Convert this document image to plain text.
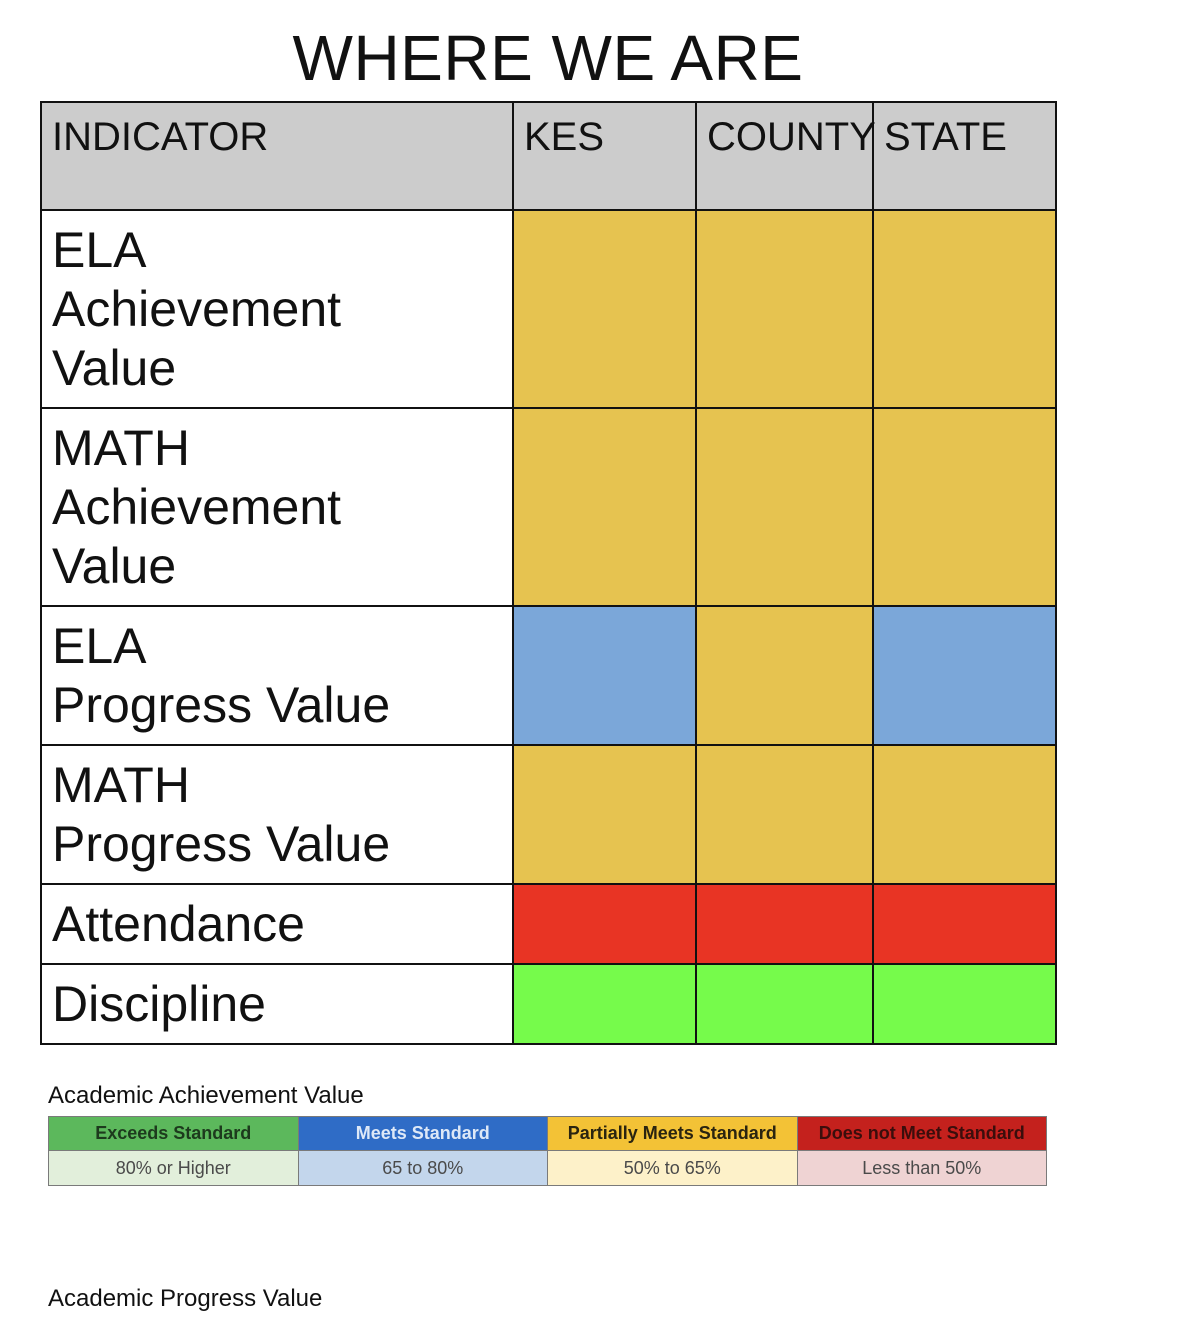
WHERE WE ARE
INDICATOR	KES	COUNTY	STATE

ELA
Achievement
Value			

MATH
Achievement
Value			

ELA
Progress Value			

MATH
Progress Value			

Attendance			

Discipline			

Academic Achievement Value
Exceeds Standard	Meets Standard	Partially Meets Standard	Does not Meet Standard
80% or Higher	65 to 80%	50% to 65%	Less than 50%
Academic Progress Value
